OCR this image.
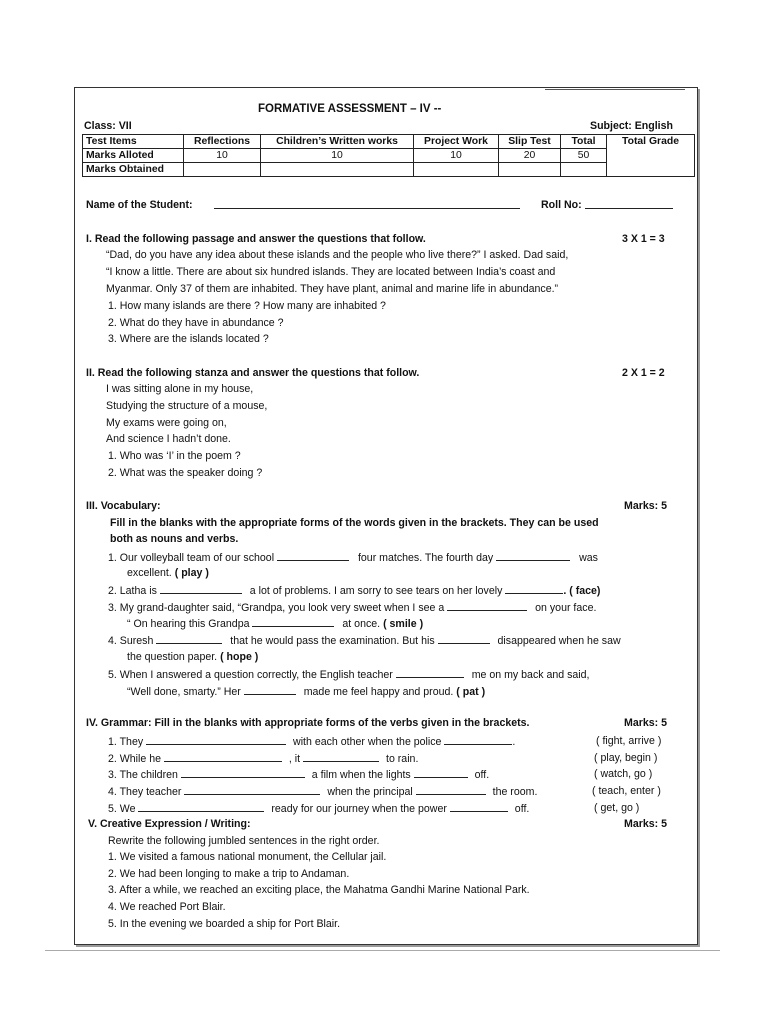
FORMATIVE ASSESSMENT – IV --
Class: VII	Subject: English
Test Items	Reflections	Children’s Written works	Project Work	Slip Test	Total	Total Grade
Marks Alloted	10	10	10	20	50	
Marks Obtained						
Name of the Student:	Roll No:
I. Read the following passage and answer the questions that follow.	3 X 1 = 3
“Dad, do you have any idea about these islands and the people who live there?” I asked. Dad said,
“I know a little. There are about six hundred islands. They are located between India’s coast and
Myanmar. Only 37 of them are inhabited. They have plant, animal and marine life in abundance.”
1. How many islands are there ? How many are inhabited ?
2. What do they have in abundance ?
3. Where are the islands located ?
II. Read the following stanza and answer the questions that follow.	2 X 1 = 2
I was sitting alone in my house,
Studying the structure of a mouse,
My exams were going on,
And science I hadn’t done.
1. Who was ‘I’ in the poem ?
2. What was the speaker doing ?
III. Vocabulary:	Marks: 5
Fill in the blanks with the appropriate forms of the words given in the brackets. They can be used
both as nouns and verbs.
1. Our volleyball team of our school	four matches. The fourth day	was
excellent. ( play )
2. Latha is	a lot of problems. I am sorry to see tears on her lovely	. ( face)
3. My grand-daughter said, “Grandpa, you look very sweet when I see a	on your face.
“ On hearing this Grandpa	at once. ( smile )
4. Suresh	that he would pass the examination. But his	disappeared when he saw
the question paper. ( hope )
5. When I answered a question correctly, the English teacher	me on my back and said,
“Well done, smarty.” Her	made me feel happy and proud. ( pat )
IV. Grammar: Fill in the blanks with appropriate forms of the verbs given in the brackets.	Marks: 5
1. They	with each other when the police	.	( fight, arrive )
2. While he	, it	to rain.	( play, begin )
3. The children	a film when the lights	off.	( watch, go )
4. They teacher	when the principal	the room.	( teach, enter )
5. We	ready for our journey when the power	off.	( get, go )
V. Creative Expression / Writing:	Marks: 5
Rewrite the following jumbled sentences in the right order.
1. We visited a famous national monument, the Cellular jail.
2. We had been longing to make a trip to Andaman.
3. After a while, we reached an exciting place, the Mahatma Gandhi Marine National Park.
4. We reached Port Blair.
5. In the evening we boarded a ship for Port Blair.
